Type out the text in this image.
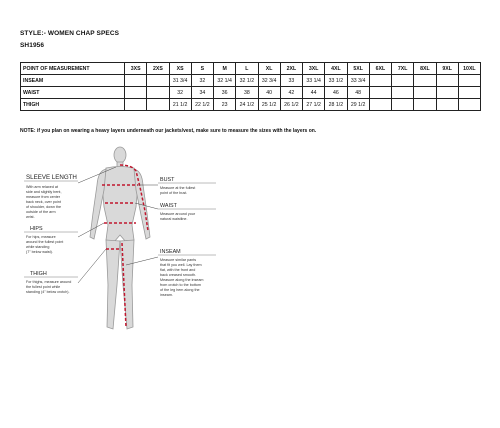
STYLE:- WOMEN CHAP SPECS
SH1956
POINT OF MEASUREMENT	3XS	2XS	XS	S	M	L	XL	2XL	3XL	4XL	5XL	6XL	7XL	8XL	9XL	10XL
INSEAM			31 3/4	32	32 1/4	32 1/2	32 3/4	33	33 1/4	33 1/2	33 3/4					
WAIST			32	34	36	38	40	42	44	46	48					
THIGH			21 1/2	22 1/2	23	24 1/2	25 1/2	26 1/2	27 1/2	28 1/2	29 1/2					
NOTE: if you plan on wearing a heavy layers underneath our jackets/vest, make sure to measure the sizes with the layers on.
SLEEVE LENGTH
With arm relaxed at side and slightly bent, measure from center back neck, over point of shoulder, down the outside of the arm wrist.
HIPS
For hips, measure around the fullest point while standing (7" below waist).
THIGH
For thighs, measure around the fullest point while standing (4" below crotch).
BUST
Measure at the fullest point of the bust.
WAIST
Measure around your natural waistline.
INSEAM
Measure similar pants that fit you well. Lay them flat, with the front and back creased smooth. Measure along the inseam from crotch to the bottom of the leg hem along the inseam.
